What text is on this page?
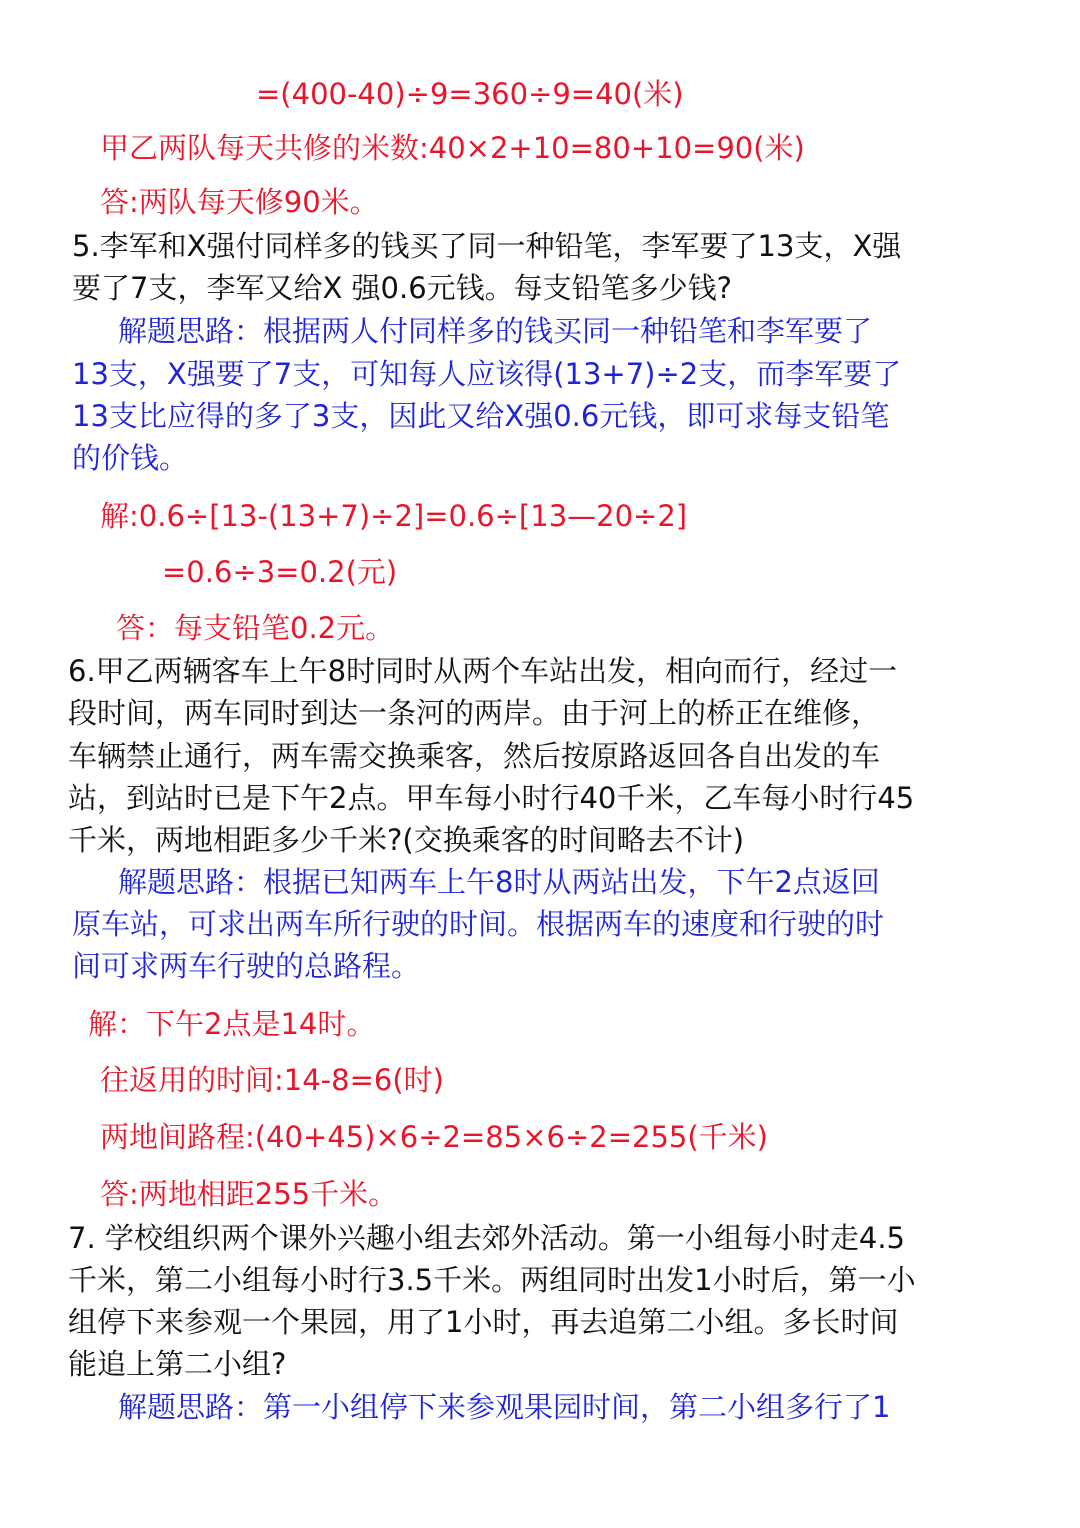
=(400-40)÷9=360÷9=40(米)
甲乙两队每天共修的米数:40×2+10=80+10=90(米)
答:两队每天修90米。
5.李军和X强付同样多的钱买了同一种铅笔，李军要了13支，X强
要了7支，李军又给X 强0.6元钱。每支铅笔多少钱?
解题思路：根据两人付同样多的钱买同一种铅笔和李军要了
13支，X强要了7支，可知每人应该得(13+7)÷2支，而李军要了
13支比应得的多了3支，因此又给X强0.6元钱，即可求每支铅笔
的价钱。
解:0.6÷[13-(13+7)÷2]=0.6÷[13—20÷2]
=0.6÷3=0.2(元)
答：每支铅笔0.2元。
6.甲乙两辆客车上午8时同时从两个车站出发，相向而行，经过一
段时间，两车同时到达一条河的两岸。由于河上的桥正在维修，
车辆禁止通行，两车需交换乘客，然后按原路返回各自出发的车
站，到站时已是下午2点。甲车每小时行40千米，乙车每小时行45
千米，两地相距多少千米?(交换乘客的时间略去不计)
解题思路：根据已知两车上午8时从两站出发，下午2点返回
原车站，可求出两车所行驶的时间。根据两车的速度和行驶的时
间可求两车行驶的总路程。
解：下午2点是14时。
往返用的时间:14-8=6(时)
两地间路程:(40+45)×6÷2=85×6÷2=255(千米)
答:两地相距255千米。
7. 学校组织两个课外兴趣小组去郊外活动。第一小组每小时走4.5
千米，第二小组每小时行3.5千米。两组同时出发1小时后，第一小
组停下来参观一个果园，用了1小时，再去追第二小组。多长时间
能追上第二小组?
解题思路：第一小组停下来参观果园时间，第二小组多行了1
